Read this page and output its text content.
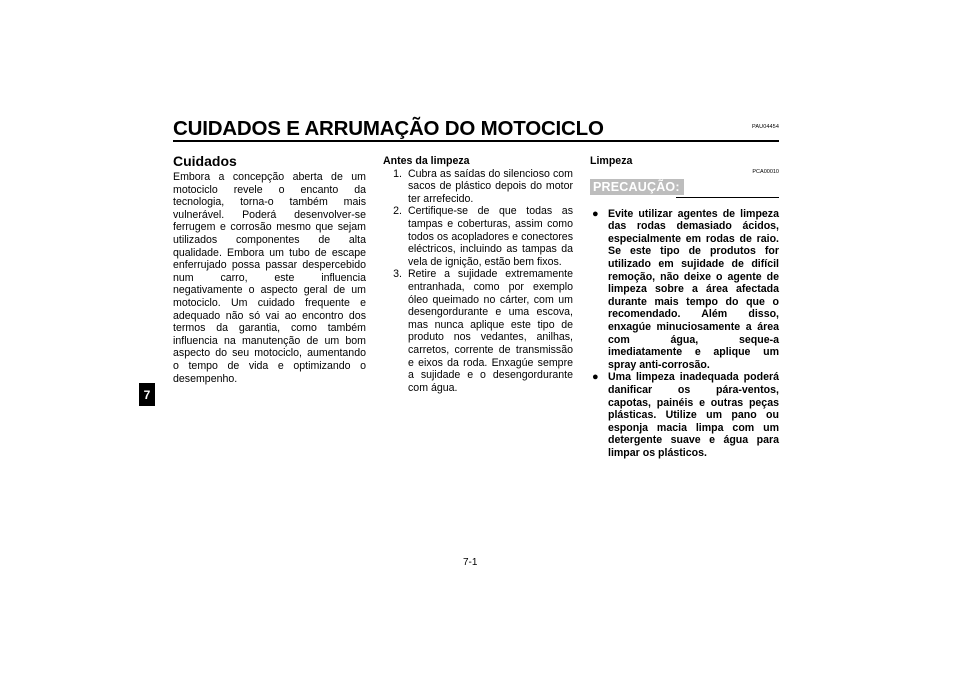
PAU04454
CUIDADOS E ARRUMAÇÃO DO MOTOCICLO
7
Cuidados

Embora a concepção aberta de um motociclo revele o encanto da tecnologia, torna-o também mais vulnerável. Poderá desenvolver-se ferrugem e corrosão mesmo que sejam utilizados componentes de alta qualidade. Embora um tubo de escape enferrujado possa passar despercebido num carro, este influencia negativamente o aspecto geral de um motociclo. Um cuidado frequente e adequado não só vai ao encontro dos termos da garantia, como também influencia na manutenção de um bom aspecto do seu motociclo, aumentando o tempo de vida e optimizando o desempenho.

Antes da limpeza

1. Cubra as saídas do silencioso com sacos de plástico depois do motor ter arrefecido.
2. Certifique-se de que todas as tampas e coberturas, assim como todos os acopladores e conectores eléctricos, incluindo as tampas da vela de ignição, estão bem fixos.
3. Retire a sujidade extremamente entranhada, como por exemplo óleo queimado no cárter, com um desengordurante e uma escova, mas nunca aplique este tipo de produto nos vedantes, anilhas, carretos, corrente de transmissão e eixos da roda. Enxagúe sempre a sujidade e o desengordurante com água.

Limpeza

PCA00010
PRECAUÇÃO:
● Evite utilizar agentes de limpeza das rodas demasiado ácidos, especialmente em rodas de raio. Se este tipo de produtos for utilizado em sujidade de difícil remoção, não deixe o agente de limpeza sobre a área afectada durante mais tempo do que o recomendado. Além disso, enxagúe minuciosamente a área com água, seque-a imediatamente e aplique um spray anti-corrosão.
● Uma limpeza inadequada poderá danificar os pára-ventos, capotas, painéis e outras peças plásticas. Utilize um pano ou esponja macia limpa com um detergente suave e água para limpar os plásticos.
7-1
